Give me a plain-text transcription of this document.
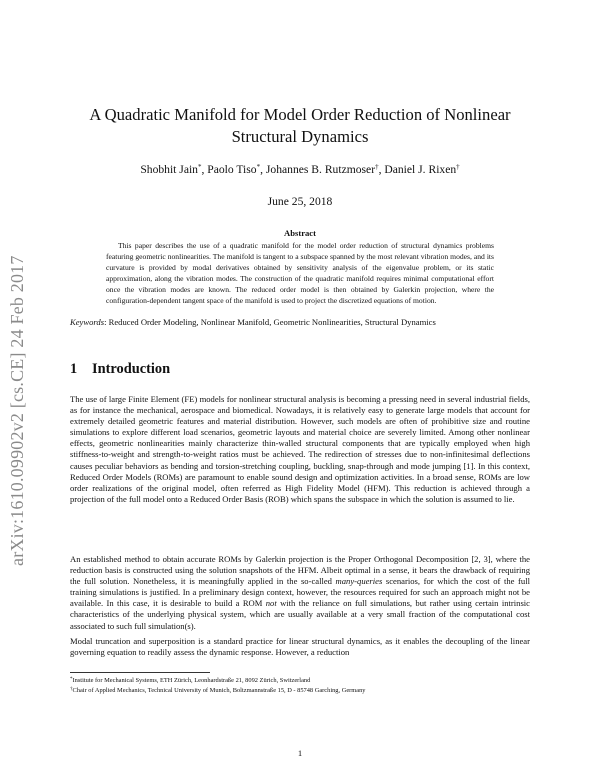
arXiv:1610.09902v2 [cs.CE] 24 Feb 2017
A Quadratic Manifold for Model Order Reduction of Nonlinear Structural Dynamics
Shobhit Jain*, Paolo Tiso*, Johannes B. Rutzmoser†, Daniel J. Rixen†
June 25, 2018
Abstract

This paper describes the use of a quadratic manifold for the model order reduction of structural dynamics problems featuring geometric nonlinearities. The manifold is tangent to a subspace spanned by the most relevant vibration modes, and its curvature is provided by modal derivatives obtained by sensitivity analysis of the eigenvalue problem, or its static approximation, along the vibration modes. The construction of the quadratic manifold requires minimal computational effort once the vibration modes are known. The reduced order model is then obtained by Galerkin projection, where the configuration-dependent tangent space of the manifold is used to project the discretized equations of motion.

Keywords: Reduced Order Modeling, Nonlinear Manifold, Geometric Nonlinearities, Structural Dynamics
1 Introduction

The use of large Finite Element (FE) models for nonlinear structural analysis is becoming a pressing need in several industrial fields, as for instance the mechanical, aerospace and biomedical. Nowadays, it is relatively easy to generate large models that account for extremely detailed geometric features and material distribution. However, such models are often of prohibitive size and routine simulations to explore different load scenarios, geometric layouts and material choice are severely limited. Among other nonlinear effects, geometric nonlinearities mainly characterize thin-walled structural components that are typically employed when high stiffness-to-weight and strength-to-weight ratios must be achieved. The redirection of stresses due to non-infinitesimal deflections causes peculiar behaviors as bending and torsion-stretching coupling, buckling, snap-through and mode jumping [1]. In this context, Reduced Order Models (ROMs) are paramount to enable sound design and optimization activities. In a broad sense, ROMs are low order realizations of the original model, often referred as High Fidelity Model (HFM). This reduction is achieved through a projection of the full model onto a Reduced Order Basis (ROB) which spans the subspace in which the solution is assumed to lie.

An established method to obtain accurate ROMs by Galerkin projection is the Proper Orthogonal Decomposition [2, 3], where the reduction basis is constructed using the solution snapshots of the HFM. Albeit optimal in a sense, it bears the drawback of requiring the full solution. Nonetheless, it is meaningfully applied in the so-called many-queries scenarios, for which the cost of the full training simulations is justified. In a preliminary design context, however, the resources required for such an approach might not be available. In this case, it is desirable to build a ROM not with the reliance on full simulations, but rather using certain intrinsic characteristics of the underlying physical system, which are usually available at a very small fraction of the computational cost associated to such full simulation(s).

Modal truncation and superposition is a standard practice for linear structural dynamics, as it enables the decoupling of the linear governing equation to readily assess the dynamic response. However, a reduction

*Institute for Mechanical Systems, ETH Zürich, Leonhardstraße 21, 8092 Zürich, Switzerland
†Chair of Applied Mechanics, Technical University of Munich, Boltzmannstraße 15, D - 85748 Garching, Germany
1
